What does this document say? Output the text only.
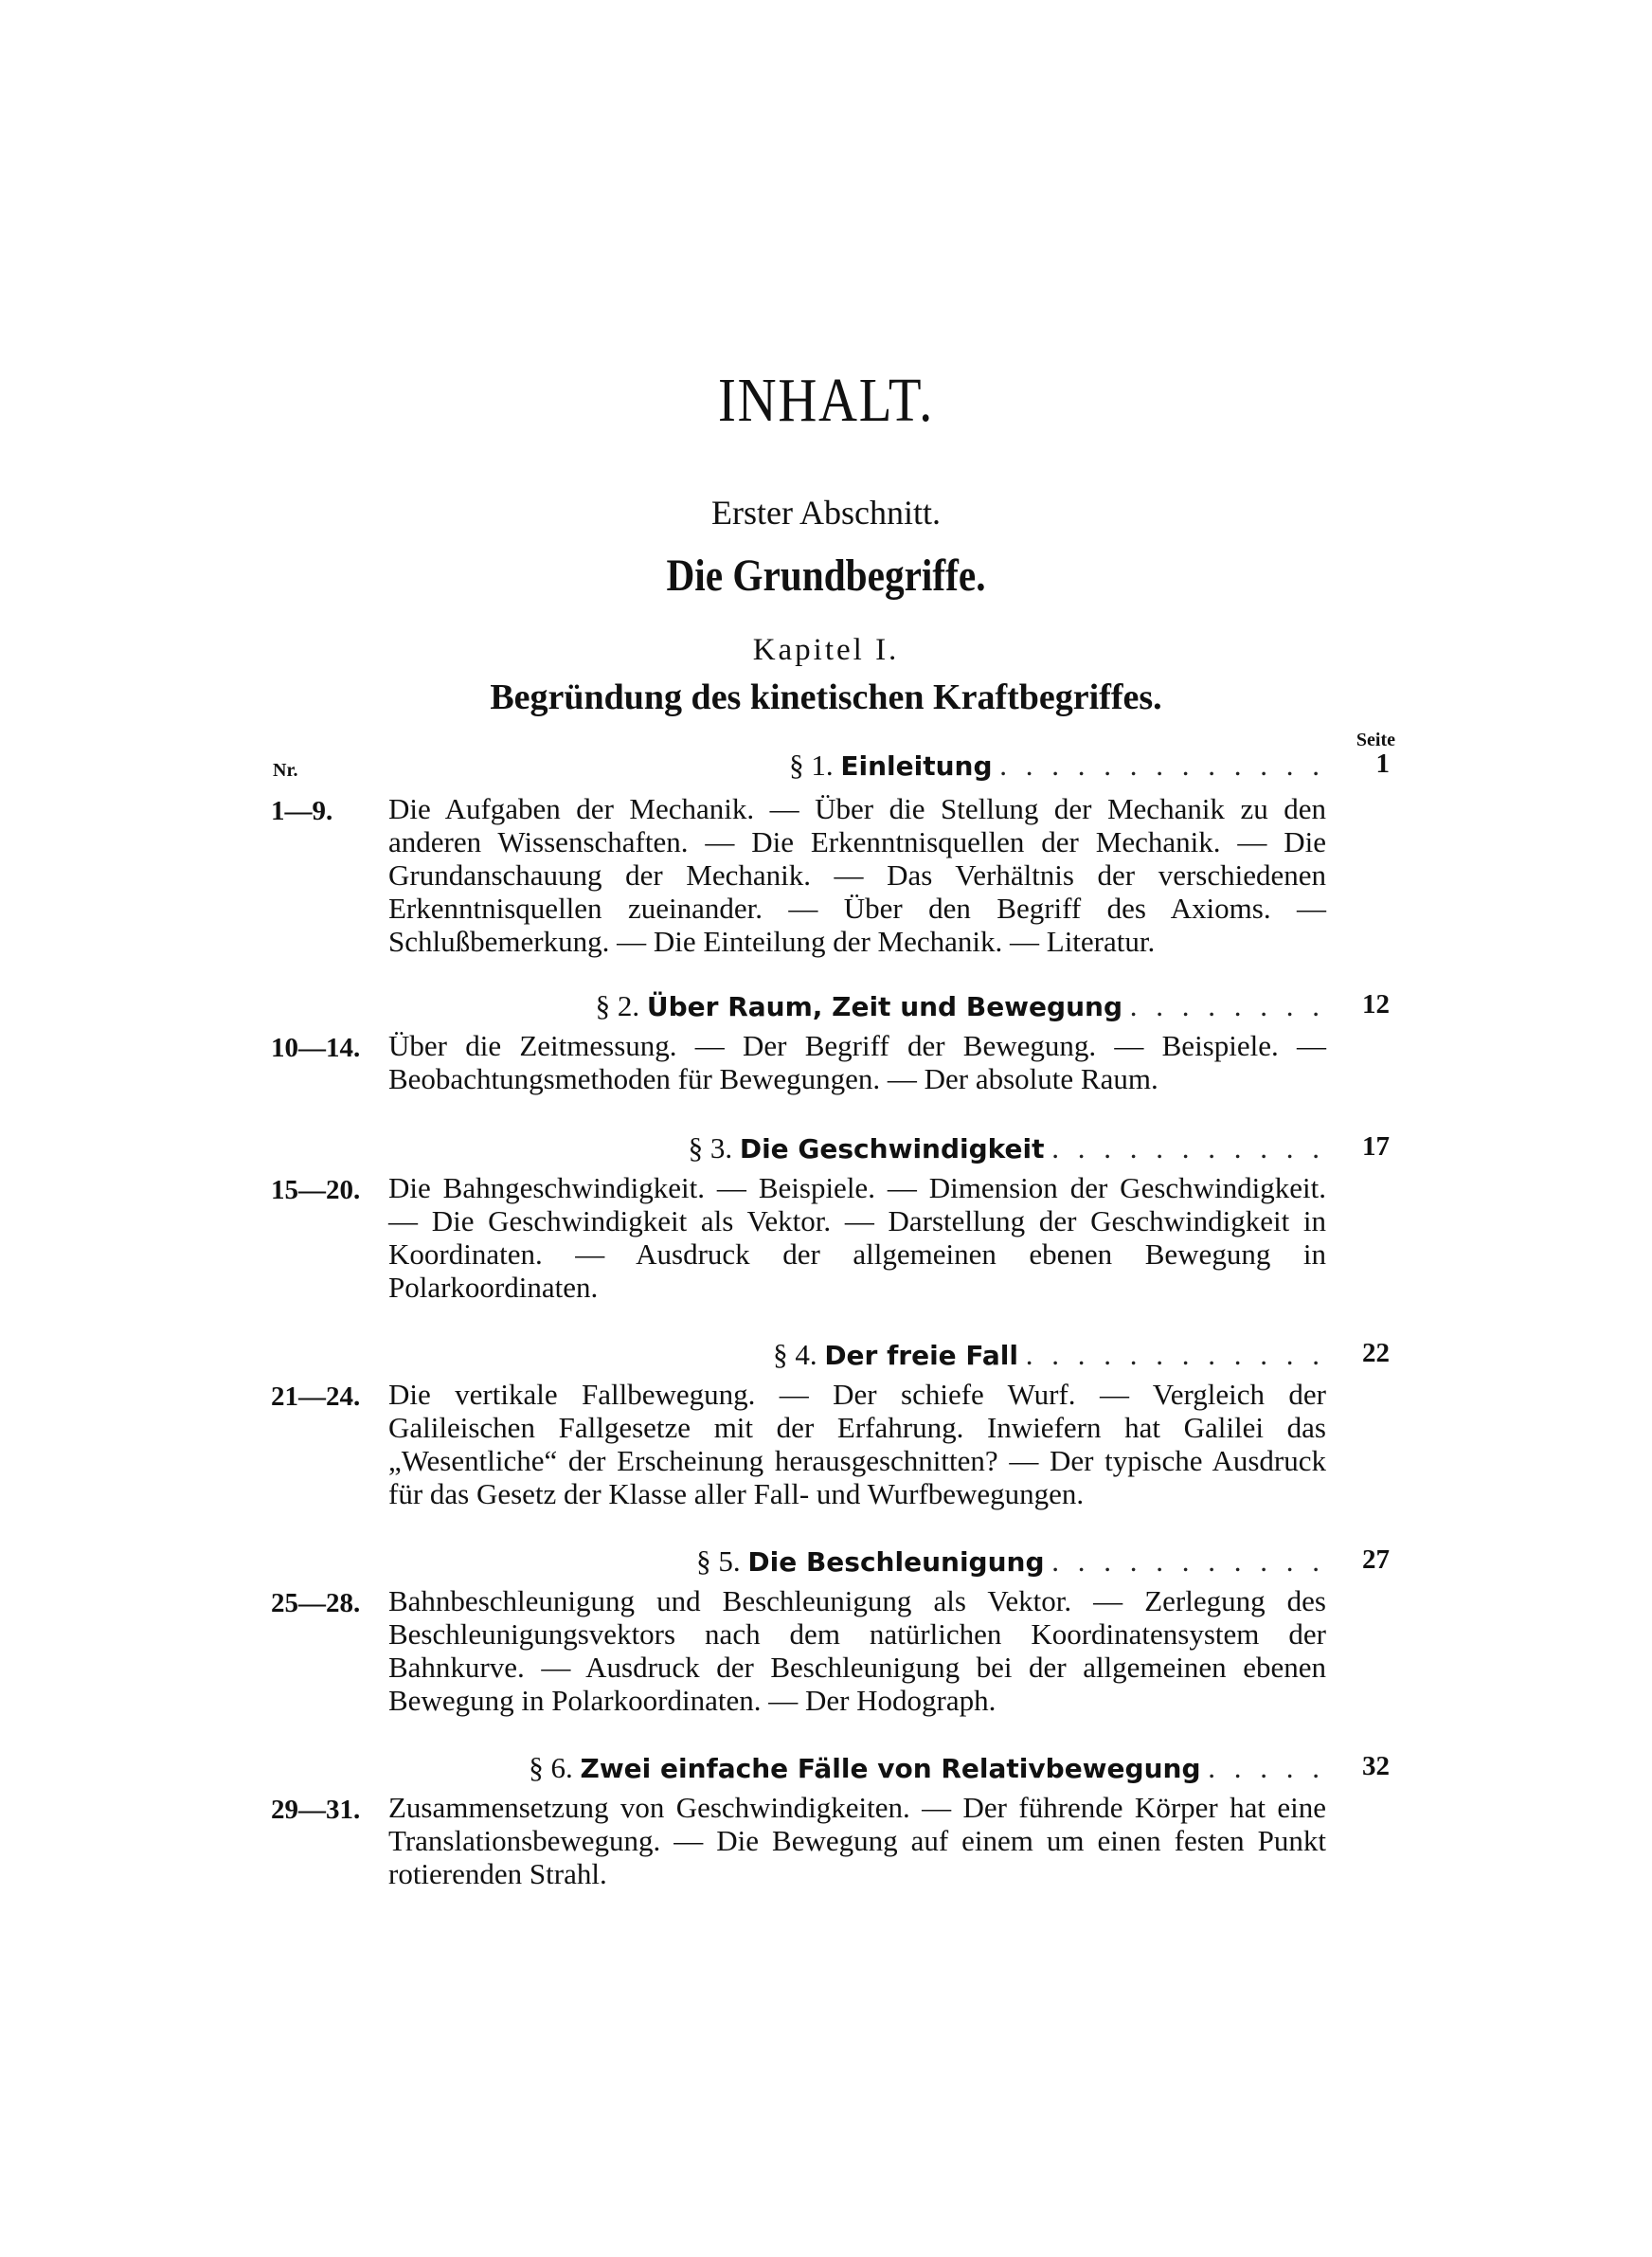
INHALT.
Erster Abschnitt.
Die Grundbegriffe.
Kapitel I.
Begründung des kinetischen Kraftbegriffes.
Seite
Nr.	§ 1. Einleitung . . . . . . . . . . . . .	1
1—9. Die Aufgaben der Mechanik. — Über die Stellung der Mechanik zu den anderen Wissenschaften. — Die Erkenntnisquellen der Mechanik. — Die Grundanschauung der Mechanik. — Das Verhältnis der verschiedenen Erkenntnisquellen zueinander. — Über den Begriff des Axioms. — Schlußbemerkung. — Die Einteilung der Mechanik. — Literatur.
§ 2. Über Raum, Zeit und Bewegung . . . . . . . .	12
10—14. Über die Zeitmessung. — Der Begriff der Bewegung. — Beispiele. — Beobachtungsmethoden für Bewegungen. — Der absolute Raum.
§ 3. Die Geschwindigkeit . . . . . . . . . . .	17
15—20. Die Bahngeschwindigkeit. — Beispiele. — Dimension der Geschwindigkeit. — Die Geschwindigkeit als Vektor. — Darstellung der Geschwindigkeit in Koordinaten. — Ausdruck der allgemeinen ebenen Bewegung in Polarkoordinaten.
§ 4. Der freie Fall . . . . . . . . . . . .	22
21—24. Die vertikale Fallbewegung. — Der schiefe Wurf. — Vergleich der Galileischen Fallgesetze mit der Erfahrung. Inwiefern hat Galilei das „Wesentliche“ der Erscheinung herausgeschnitten? — Der typische Ausdruck für das Gesetz der Klasse aller Fall- und Wurfbewegungen.
§ 5. Die Beschleunigung . . . . . . . . . . .	27
25—28. Bahnbeschleunigung und Beschleunigung als Vektor. — Zerlegung des Beschleunigungsvektors nach dem natürlichen Koordinatensystem der Bahnkurve. — Ausdruck der Beschleunigung bei der allgemeinen ebenen Bewegung in Polarkoordinaten. — Der Hodograph.
§ 6. Zwei einfache Fälle von Relativbewegung . . . . .	32
29—31. Zusammensetzung von Geschwindigkeiten. — Der führende Körper hat eine Translationsbewegung. — Die Bewegung auf einem um einen festen Punkt rotierenden Strahl.
